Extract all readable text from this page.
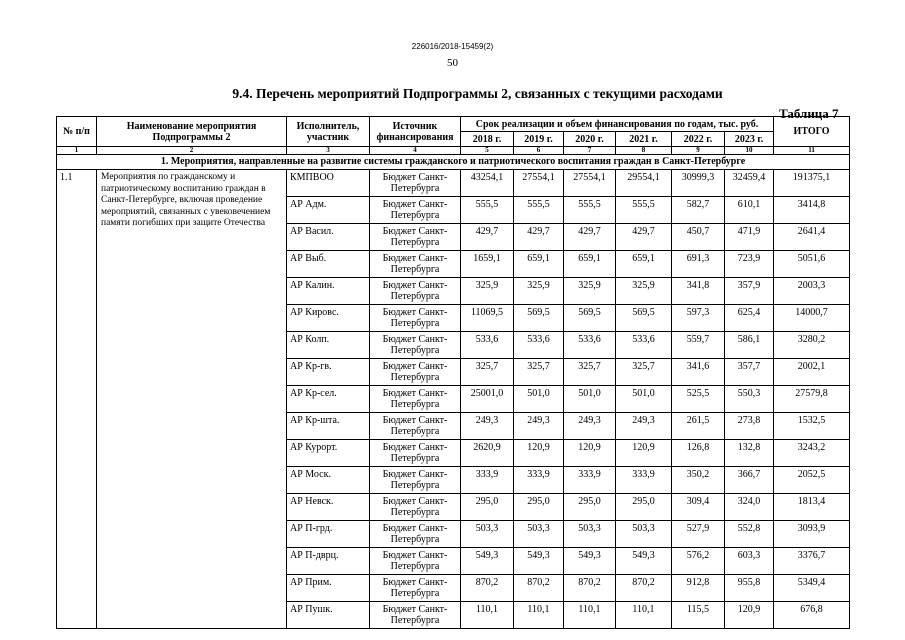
226016/2018-15459(2)
50
9.4. Перечень мероприятий Подпрограммы 2, связанных с текущими расходами
Таблица 7
№ п/п	Наименование мероприятия Подпрограммы 2	Исполнитель, участник	Источник финансирования	Срок реализации и объем финансирования по годам, тыс. руб.						ИТОГО
				2018 г.	2019 г.	2020 г.	2021 г.	2022 г.	2023 г.	
1	2	3	4	5	6	7	8	9	10	11
1. Мероприятия, направленные на развитие системы гражданского и патриотического воспитания граждан в Санкт-Петербурге										
1.1	Мероприятия по гражданскому и патриотическому воспитанию граждан в Санкт-Петербурге, включая проведение мероприятий, связанных с увековечением памяти погибших при защите Отечества	КМПВОО	Бюджет Санкт-Петербурга	43254,1	27554,1	27554,1	29554,1	30999,3	32459,4	191375,1
		АР Адм.	Бюджет Санкт-Петербурга	555,5	555,5	555,5	555,5	582,7	610,1	3414,8
		АР Васил.	Бюджет Санкт-Петербурга	429,7	429,7	429,7	429,7	450,7	471,9	2641,4
		АР Выб.	Бюджет Санкт-Петербурга	1659,1	659,1	659,1	659,1	691,3	723,9	5051,6
		АР Калин.	Бюджет Санкт-Петербурга	325,9	325,9	325,9	325,9	341,8	357,9	2003,3
		АР Кировс.	Бюджет Санкт-Петербурга	11069,5	569,5	569,5	569,5	597,3	625,4	14000,7
		АР Колп.	Бюджет Санкт-Петербурга	533,6	533,6	533,6	533,6	559,7	586,1	3280,2
		АР Кр-гв.	Бюджет Санкт-Петербурга	325,7	325,7	325,7	325,7	341,6	357,7	2002,1
		АР Кр-сел.	Бюджет Санкт-Петербурга	25001,0	501,0	501,0	501,0	525,5	550,3	27579,8
		АР Кр-шта.	Бюджет Санкт-Петербурга	249,3	249,3	249,3	249,3	261,5	273,8	1532,5
		АР Курорт.	Бюджет Санкт-Петербурга	2620,9	120,9	120,9	120,9	126,8	132,8	3243,2
		АР Моск.	Бюджет Санкт-Петербурга	333,9	333,9	333,9	333,9	350,2	366,7	2052,5
		АР Невск.	Бюджет Санкт-Петербурга	295,0	295,0	295,0	295,0	309,4	324,0	1813,4
		АР П-грд.	Бюджет Санкт-Петербурга	503,3	503,3	503,3	503,3	527,9	552,8	3093,9
		АР П-дврц.	Бюджет Санкт-Петербурга	549,3	549,3	549,3	549,3	576,2	603,3	3376,7
		АР Прим.	Бюджет Санкт-Петербурга	870,2	870,2	870,2	870,2	912,8	955,8	5349,4
		АР Пушк.	Бюджет Санкт-Петербурга	110,1	110,1	110,1	110,1	115,5	120,9	676,8
